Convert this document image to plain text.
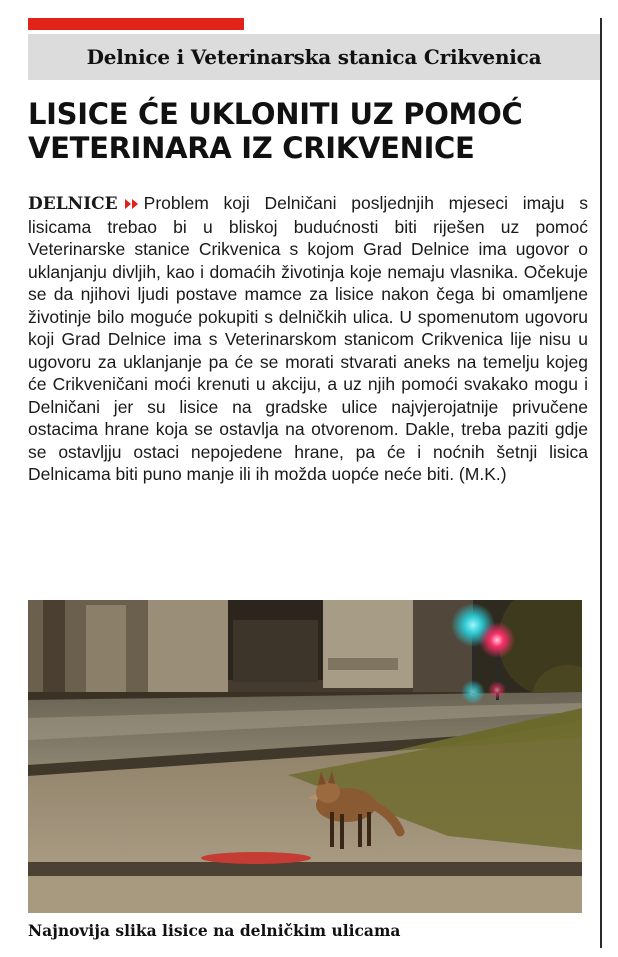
Delnice i Veterinarska stanica Crikvenica
LISICE ĆE UKLONITI UZ POMOĆ VETERINARA IZ CRIKVENICE

DELNICE Problem koji Delničani posljednjih mjeseci imaju s lisicama trebao bi u bliskoj budućnosti biti riješen uz pomoć Veterinarske stanice Crikvenica s kojom Grad Delnice ima ugovor o uklanjanju divljih, kao i domaćih životinja koje nemaju vlasnika. Očekuje se da njihovi ljudi postave mamce za lisice nakon čega bi omamljene životinje bilo moguće pokupiti s delničkih ulica. U spomenutom ugovoru koji Grad Delnice ima s Veterinarskom stanicom Crikvenica lije nisu u ugovoru za uklanjanje pa će se morati stvarati aneks na temelju kojeg će Crikveničani moći krenuti u akciju, a uz njih pomoći svakako mogu i Delničani jer su lisice na gradske ulice najvjerojatnije privučene ostacima hrane koja se ostavlja na otvorenom. Dakle, treba paziti gdje se ostavljju ostaci nepojedene hrane, pa će i noćnih šetnji lisica Delnicama biti puno manje ili ih možda uopće neće biti. (M.K.)

Najnovija slika lisice na delničkim ulicama
